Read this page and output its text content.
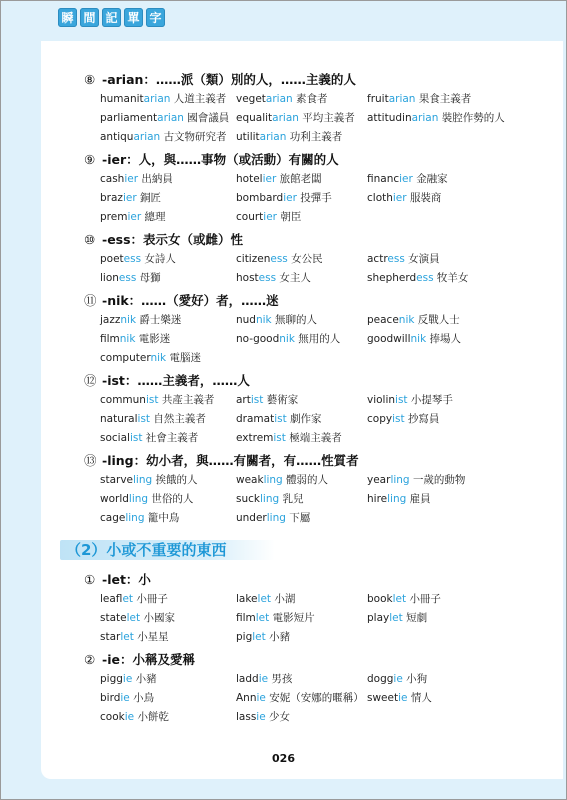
瞬 間 記 單 字
⑧ -arian：……派（類）別的人，……主義的人
humanitarian 人道主義者 vegetarian 素食者	fruitarian 果食主義者
parliamentarian 國會議員 equalitarian 平均主義者	attitudinarian 裝腔作勢的人
antiquarian 古文物研究者 utilitarian 功利主義者
⑨ -ier：人，與……事物（或活動）有關的人
cashier 出納員	hotelier 旅館老闆	financier 金融家
brazier 銅匠	bombardier 投彈手	clothier 服裝商
premier 總理	courtier 朝臣
⑩ -ess：表示女（或雌）性
poetess 女詩人	citizeness 女公民	actress 女演員
lioness 母獅	hostess 女主人	shepherdess 牧羊女
⑪ -nik：……（愛好）者，……迷
jazznik 爵士樂迷	nudnik 無聊的人	peacenik 反戰人士
filmnik 電影迷	no-goodnik 無用的人	goodwillnik 捧場人
computernik 電腦迷
⑫ -ist：……主義者，……人
communist 共產主義者	artist 藝術家	violinist 小提琴手
naturalist 自然主義者	dramatist 劇作家	copyist 抄寫員
socialist 社會主義者	extremist 極端主義者
⑬ -ling：幼小者，與……有關者，有……性質者
starveling 挨餓的人	weakling 體弱的人	yearling 一歲的動物
worldling 世俗的人	suckling 乳兒	hireling 雇員
cageling 籠中鳥	underling 下屬
（2）小或不重要的東西
① -let：小
leaflet 小冊子	lakelet 小湖	booklet 小冊子
statelet 小國家	filmlet 電影短片	playlet 短劇
starlet 小星星	piglet 小豬
② -ie：小稱及愛稱
piggie 小豬	laddie 男孩	doggie 小狗
birdie 小鳥	Annie 安妮（安娜的暱稱） sweetie 情人
cookie 小餅乾	lassie 少女
026
